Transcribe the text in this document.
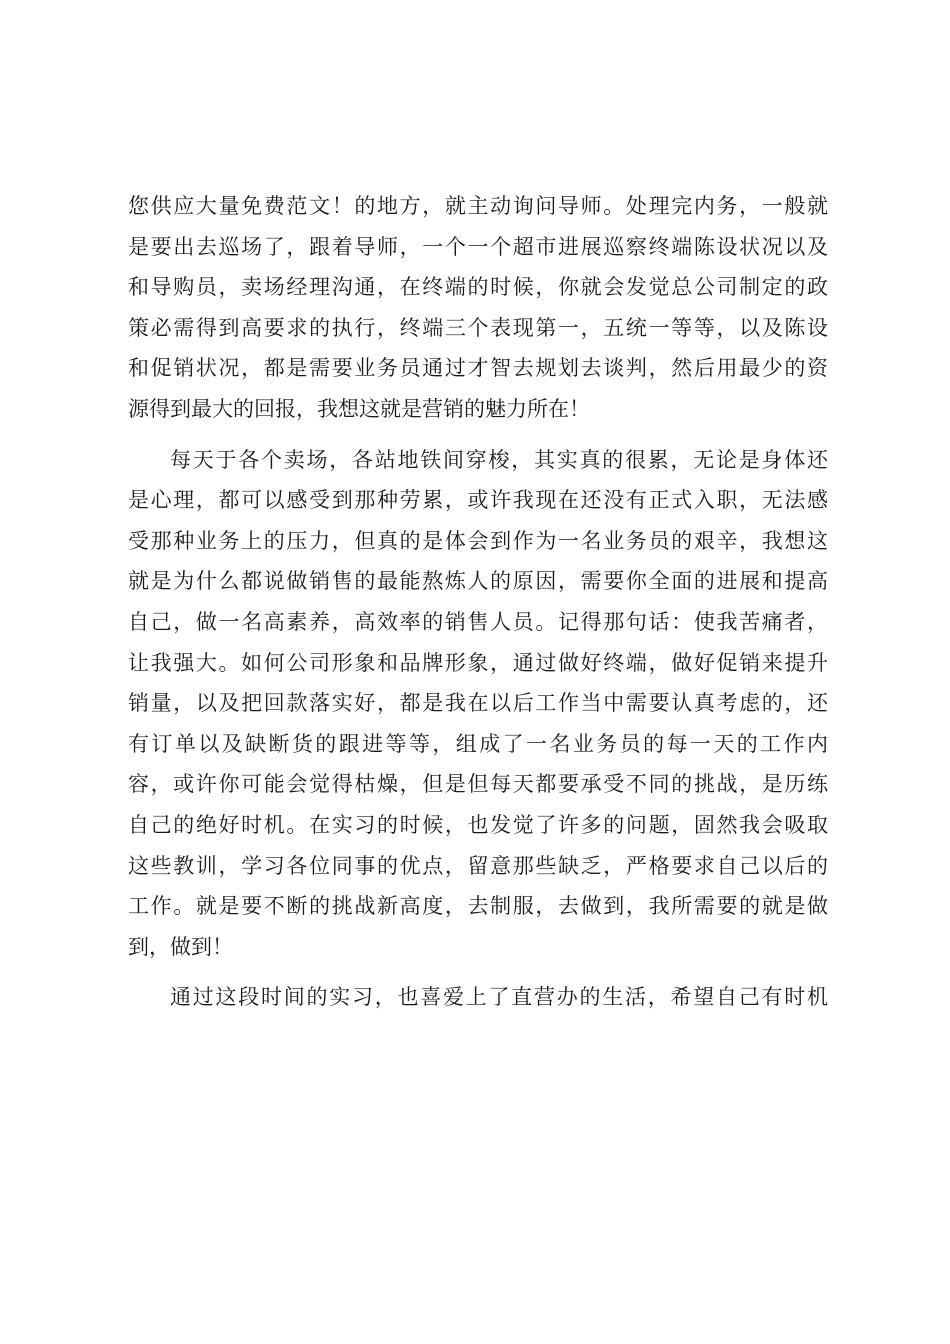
您供应大量免费范文！的地方，就主动询问导师。处理完内务，一般就
是要出去巡场了，跟着导师，一个一个超市进展巡察终端陈设状况以及
和导购员，卖场经理沟通，在终端的时候，你就会发觉总公司制定的政
策必需得到高要求的执行，终端三个表现第一，五统一等等，以及陈设
和促销状况，都是需要业务员通过才智去规划去谈判，然后用最少的资
源得到最大的回报，我想这就是营销的魅力所在！
每天于各个卖场，各站地铁间穿梭，其实真的很累，无论是身体还
是心理，都可以感受到那种劳累，或许我现在还没有正式入职，无法感
受那种业务上的压力，但真的是体会到作为一名业务员的艰辛，我想这
就是为什么都说做销售的最能熬炼人的原因，需要你全面的进展和提高
自己，做一名高素养，高效率的销售人员。记得那句话：使我苦痛者，
让我强大。如何公司形象和品牌形象，通过做好终端，做好促销来提升
销量，以及把回款落实好，都是我在以后工作当中需要认真考虑的，还
有订单以及缺断货的跟进等等，组成了一名业务员的每一天的工作内
容，或许你可能会觉得枯燥，但是但每天都要承受不同的挑战，是历练
自己的绝好时机。在实习的时候，也发觉了许多的问题，固然我会吸取
这些教训，学习各位同事的优点，留意那些缺乏，严格要求自己以后的
工作。就是要不断的挑战新高度，去制服，去做到，我所需要的就是做
到，做到！
通过这段时间的实习，也喜爱上了直营办的生活，希望自己有时机
